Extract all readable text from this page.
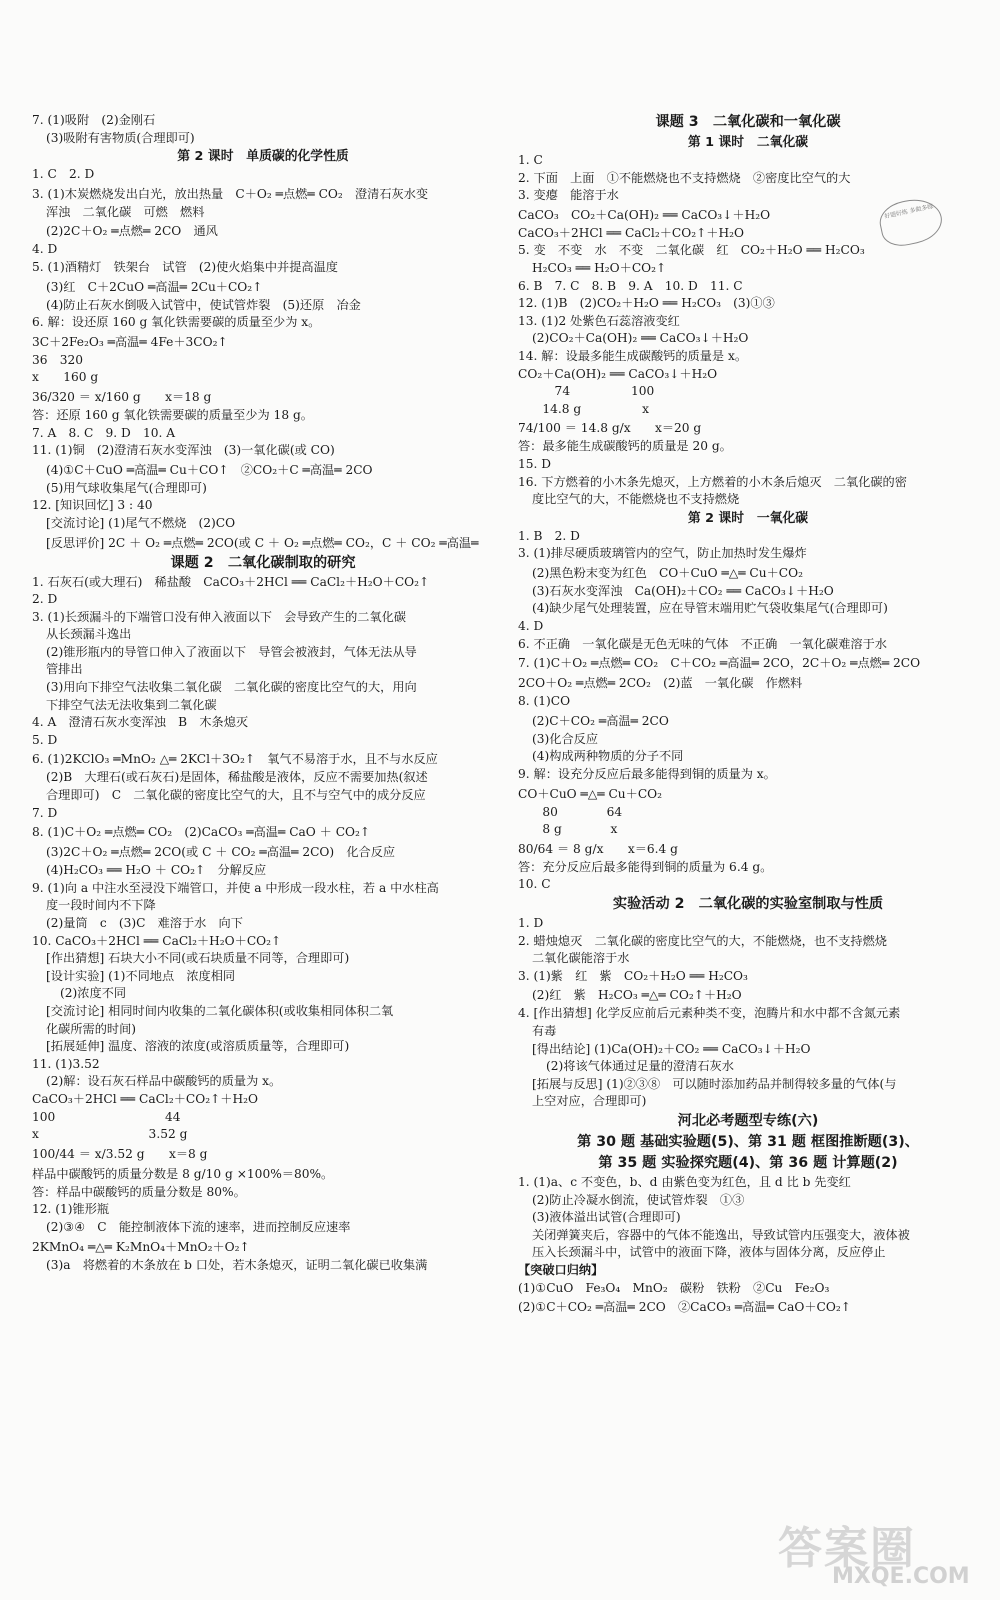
7. (1)吸附　(2)金刚石
(3)吸附有害物质(合理即可)
第 2 课时　单质碳的化学性质
1. C　2. D
3. (1)木炭燃烧发出白光，放出热量　C＋O₂ ═点燃═ CO₂　澄清石灰水变
浑浊　二氧化碳　可燃　燃料
(2)2C＋O₂ ═点燃═ 2CO　通风
4. D
5. (1)酒精灯　铁架台　试管　(2)使火焰集中并提高温度
(3)红　C＋2CuO ═高温═ 2Cu＋CO₂↑
(4)防止石灰水倒吸入试管中，使试管炸裂　(5)还原　冶金
6. 解：设还原 160 g 氧化铁需要碳的质量至少为 x。
3C＋2Fe₂O₃ ═高温═ 4Fe＋3CO₂↑
36　320
x　　160 g
36/320 ＝ x/160 g　　x＝18 g
答：还原 160 g 氧化铁需要碳的质量至少为 18 g。
7. A　8. C　9. D　10. A
11. (1)铜　(2)澄清石灰水变浑浊　(3)一氧化碳(或 CO)
(4)①C＋CuO ═高温═ Cu＋CO↑　②CO₂＋C ═高温═ 2CO
(5)用气球收集尾气(合理即可)
12. [知识回忆] 3 : 40
[交流讨论] (1)尾气不燃烧　(2)CO
[反思评价] 2C ＋ O₂ ═点燃═ 2CO(或 C ＋ O₂ ═点燃═ CO₂，C ＋ CO₂ ═高温═
课题 2　二氧化碳制取的研究
1. 石灰石(或大理石)　稀盐酸　CaCO₃＋2HCl ══ CaCl₂＋H₂O＋CO₂↑
2. D
3. (1)长颈漏斗的下端管口没有伸入液面以下　会导致产生的二氧化碳
从长颈漏斗逸出
(2)锥形瓶内的导管口伸入了液面以下　导管会被液封，气体无法从导
管排出
(3)用向下排空气法收集二氧化碳　二氧化碳的密度比空气的大，用向
下排空气法无法收集到二氧化碳
4. A　澄清石灰水变浑浊　B　木条熄灭
5. D
6. (1)2KClO₃ ═MnO₂ △═ 2KCl＋3O₂↑　氧气不易溶于水，且不与水反应
(2)B　大理石(或石灰石)是固体，稀盐酸是液体，反应不需要加热(叙述
合理即可)　C　二氧化碳的密度比空气的大，且不与空气中的成分反应
7. D
8. (1)C＋O₂ ═点燃═ CO₂　(2)CaCO₃ ═高温═ CaO ＋ CO₂↑
(3)2C＋O₂ ═点燃═ 2CO(或 C ＋ CO₂ ═高温═ 2CO)　化合反应
(4)H₂CO₃ ══ H₂O ＋ CO₂↑　分解反应
9. (1)向 a 中注水至浸没下端管口，并使 a 中形成一段水柱，若 a 中水柱高
度一段时间内不下降
(2)量筒　c　(3)C　难溶于水　向下
10. CaCO₃＋2HCl ══ CaCl₂＋H₂O＋CO₂↑
[作出猜想] 石块大小不同(或石块质量不同等，合理即可)
[设计实验] (1)不同地点　浓度相同
(2)浓度不同
[交流讨论] 相同时间内收集的二氧化碳体积(或收集相同体积二氧
化碳所需的时间)
[拓展延伸] 温度、溶液的浓度(或溶质质量等，合理即可)
11. (1)3.52
(2)解：设石灰石样品中碳酸钙的质量为 x。
CaCO₃＋2HCl ══ CaCl₂＋CO₂↑＋H₂O
100　　　　　　　　　44
x　　　　　　　　　3.52 g
100/44 ＝ x/3.52 g　　x＝8 g
样品中碳酸钙的质量分数是 8 g/10 g ×100%＝80%。
答：样品中碳酸钙的质量分数是 80%。
12. (1)锥形瓶
(2)③④　C　能控制液体下流的速率，进而控制反应速率
2KMnO₄ ═△═ K₂MnO₄＋MnO₂＋O₂↑
(3)a　将燃着的木条放在 b 口处，若木条熄灭，证明二氧化碳已收集满
课题 3　二氧化碳和一氧化碳
第 1 课时　二氧化碳
1. C
2. 下面　上面　①不能燃烧也不支持燃烧　②密度比空气的大
3. 变瘪　能溶于水
CaCO₃　CO₂＋Ca(OH)₂ ══ CaCO₃↓＋H₂O
CaCO₃＋2HCl ══ CaCl₂＋CO₂↑＋H₂O
5. 变　不变　水　不变　二氧化碳　红　CO₂＋H₂O ══ H₂CO₃
H₂CO₃ ══ H₂O＋CO₂↑
6. B　7. C　8. B　9. A　10. D　11. C
12. (1)B　(2)CO₂＋H₂O ══ H₂CO₃　(3)①③
13. (1)2 处紫色石蕊溶液变红
(2)CO₂＋Ca(OH)₂ ══ CaCO₃↓＋H₂O
14. 解：设最多能生成碳酸钙的质量是 x。
CO₂＋Ca(OH)₂ ══ CaCO₃↓＋H₂O
　　　74　　　　　100
　　14.8 g　　　　　x
74/100 ＝ 14.8 g/x　　x＝20 g
答：最多能生成碳酸钙的质量是 20 g。
15. D
16. 下方燃着的小木条先熄灭，上方燃着的小木条后熄灭　二氧化碳的密
度比空气的大，不能燃烧也不支持燃烧
第 2 课时　一氧化碳
1. B　2. D
3. (1)排尽硬质玻璃管内的空气，防止加热时发生爆炸
(2)黑色粉末变为红色　CO＋CuO ═△═ Cu＋CO₂
(3)石灰水变浑浊　Ca(OH)₂＋CO₂ ══ CaCO₃↓＋H₂O
(4)缺少尾气处理装置，应在导管末端用贮气袋收集尾气(合理即可)
4. D
6. 不正确　一氧化碳是无色无味的气体　不正确　一氧化碳难溶于水
7. (1)C＋O₂ ═点燃═ CO₂　C＋CO₂ ═高温═ 2CO，2C＋O₂ ═点燃═ 2CO
2CO＋O₂ ═点燃═ 2CO₂　(2)蓝　一氧化碳　作燃料
8. (1)CO
(2)C＋CO₂ ═高温═ 2CO
(3)化合反应
(4)构成两种物质的分子不同
9. 解：设充分反应后最多能得到铜的质量为 x。
CO＋CuO ═△═ Cu＋CO₂
　　80　　　　64
　　8 g　　　　x
80/64 ＝ 8 g/x　　x＝6.4 g
答：充分反应后最多能得到铜的质量为 6.4 g。
10. C
实验活动 2　二氧化碳的实验室制取与性质
1. D
2. 蜡烛熄灭　二氧化碳的密度比空气的大，不能燃烧，也不支持燃烧
二氧化碳能溶于水
3. (1)紫　红　紫　CO₂＋H₂O ══ H₂CO₃
(2)红　紫　H₂CO₃ ═△═ CO₂↑＋H₂O
4. [作出猜想] 化学反应前后元素种类不变，泡腾片和水中都不含氮元素
有毒
[得出结论] (1)Ca(OH)₂＋CO₂ ══ CaCO₃↓＋H₂O
(2)将该气体通过足量的澄清石灰水
[拓展与反思] (1)②③⑧　可以随时添加药品并制得较多量的气体(与
上空对应，合理即可)
河北必考题型专练(六)
第 30 题 基础实验题(5)、第 31 题 框图推断题(3)、
第 35 题 实验探究题(4)、第 36 题 计算题(2)
1. (1)a、c 不变色，b、d 由紫色变为红色，且 d 比 b 先变红
(2)防止冷凝水倒流，使试管炸裂　①③
(3)液体溢出试管(合理即可)
关闭弹簧夹后，容器中的气体不能逸出，导致试管内压强变大，液体被
压入长颈漏斗中，试管中的液面下降，液体与固体分离，反应停止
【突破口归纳】
(1)①CuO　Fe₃O₄　MnO₂　碳粉　铁粉　②Cu　Fe₂O₃
(2)①C＋CO₂ ═高温═ 2CO　②CaCO₃ ═高温═ CaO＋CO₂↑
好题好练 多做多练
答案圈
MXQE.COM
